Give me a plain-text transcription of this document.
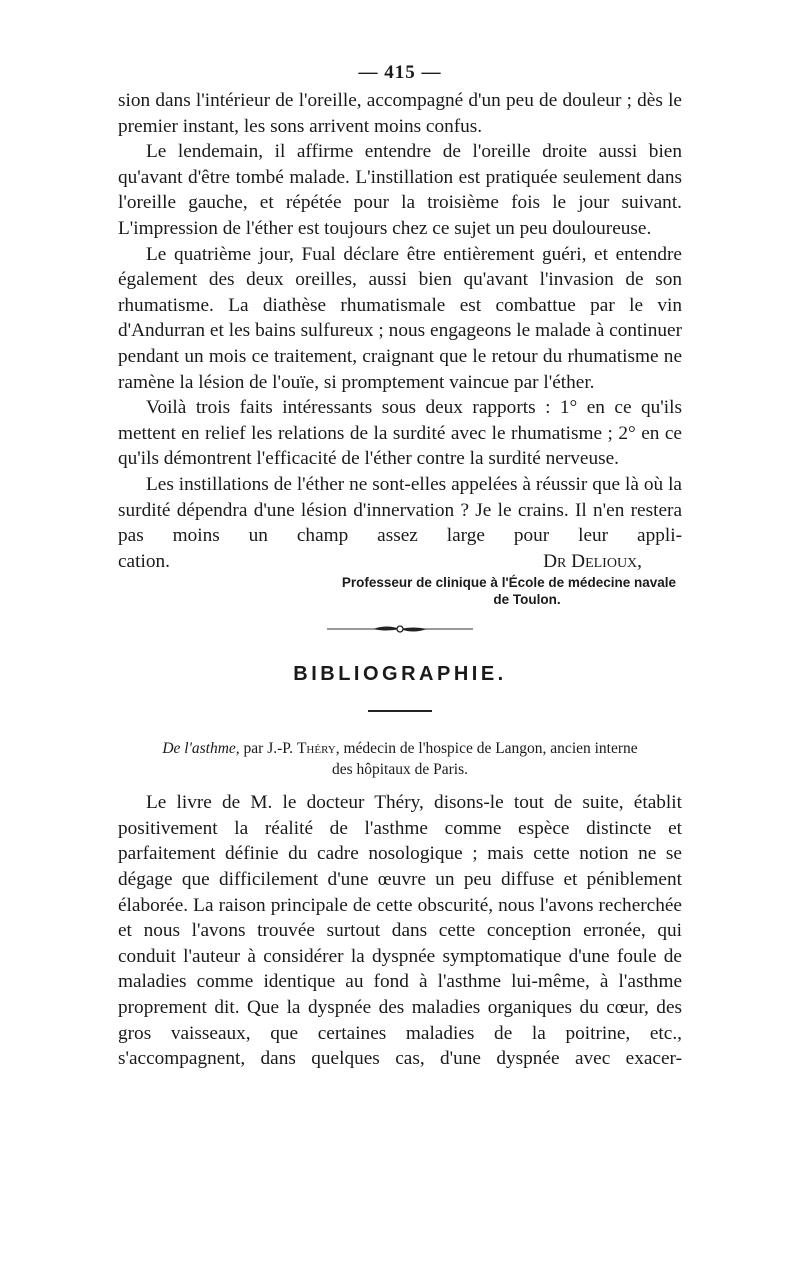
— 415 —

sion dans l'intérieur de l'oreille, accompagné d'un peu de douleur ; dès le premier instant, les sons arrivent moins confus.

Le lendemain, il affirme entendre de l'oreille droite aussi bien qu'avant d'être tombé malade. L'instillation est pratiquée seulement dans l'oreille gauche, et répétée pour la troisième fois le jour suivant. L'impression de l'éther est toujours chez ce sujet un peu douloureuse.

Le quatrième jour, Fual déclare être entièrement guéri, et entendre également des deux oreilles, aussi bien qu'avant l'invasion de son rhumatisme. La diathèse rhumatismale est combattue par le vin d'Andurran et les bains sulfureux ; nous engageons le malade à continuer pendant un mois ce traitement, craignant que le retour du rhumatisme ne ramène la lésion de l'ouïe, si promptement vaincue par l'éther.

Voilà trois faits intéressants sous deux rapports : 1° en ce qu'ils mettent en relief les relations de la surdité avec le rhumatisme ; 2° en ce qu'ils démontrent l'efficacité de l'éther contre la surdité nerveuse.

Les instillations de l'éther ne sont-elles appelées à réussir que là où la surdité dépendra d'une lésion d'innervation ? Je le crains. Il n'en restera pas moins un champ assez large pour leur appli-

cation.	Dr Delioux,
Professeur de clinique à l'École de médecine navale
de Toulon.
BIBLIOGRAPHIE.
De l'asthme, par J.-P. Théry, médecin de l'hospice de Langon, ancien interne
des hôpitaux de Paris.

Le livre de M. le docteur Théry, disons-le tout de suite, établit positivement la réalité de l'asthme comme espèce distincte et parfaitement définie du cadre nosologique ; mais cette notion ne se dégage que difficilement d'une œuvre un peu diffuse et péniblement élaborée. La raison principale de cette obscurité, nous l'avons recherchée et nous l'avons trouvée surtout dans cette conception erronée, qui conduit l'auteur à considérer la dyspnée symptomatique d'une foule de maladies comme identique au fond à l'asthme lui-même, à l'asthme proprement dit. Que la dyspnée des maladies organiques du cœur, des gros vaisseaux, que certaines maladies de la poitrine, etc., s'accompagnent, dans quelques cas, d'une dyspnée avec exacer-
